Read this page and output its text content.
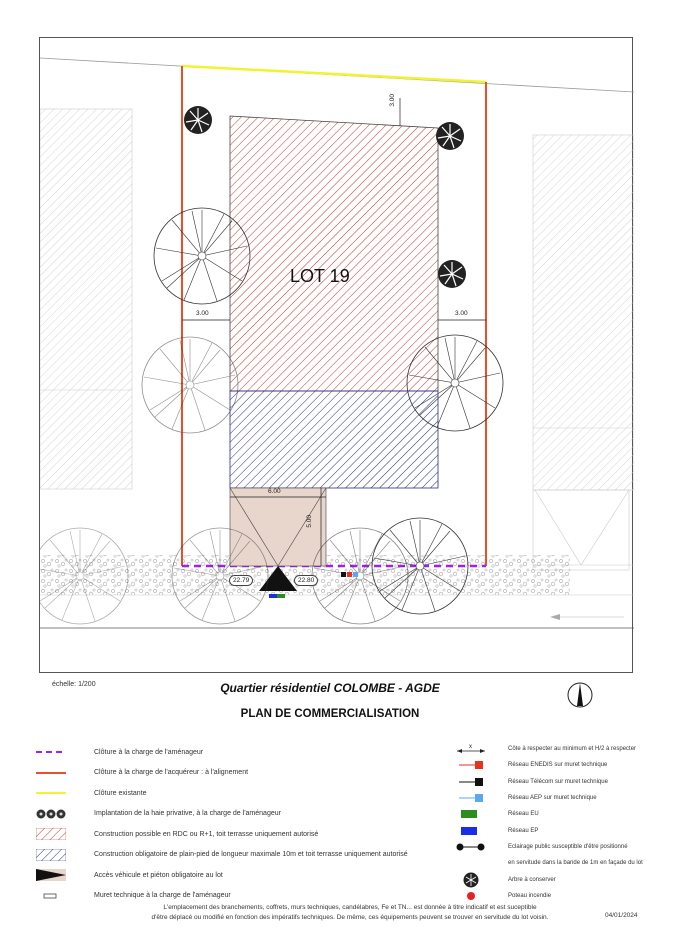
LOT 19
3.00
3.00	3.00
6.00
5.00
22.79	22.80
échelle: 1/200	Quartier résidentiel COLOMBE - AGDE
PLAN DE COMMERCIALISATION
Clôture à la charge de l'aménageur
Clôture à la charge de l'acquéreur : à l'alignement
Clôture existante
Implantation de la haie privative, à la charge de l'aménageur
Construction possible en RDC ou R+1, toit terrasse uniquement autorisé
Construction obligatoire de plain-pied de longueur maximale 10m et toit terrasse uniquement autorisé
Accès véhicule et piéton obligatoire au lot
Muret technique à la charge de l'aménageur
x	Côte à respecter au minimum et H/2 à respecter
Réseau ENEDIS sur muret technique
Réseau Télécom sur muret technique
Réseau AEP sur muret technique
Réseau EU
Réseau EP
Eclairage public susceptible d'être positionné
en servitude dans la bande de 1m en façade du lot
Arbre à conserver
Poteau incendie
L'emplacement des branchements, coffrets, murs techniques, candélabres, Fe et TN... est donnée à titre indicatif et est suceptible
d'être déplacé ou modifié en fonction des impératifs techniques. De même, ces équipements peuvent se trouver en servitude du lot voisin.	04/01/2024
